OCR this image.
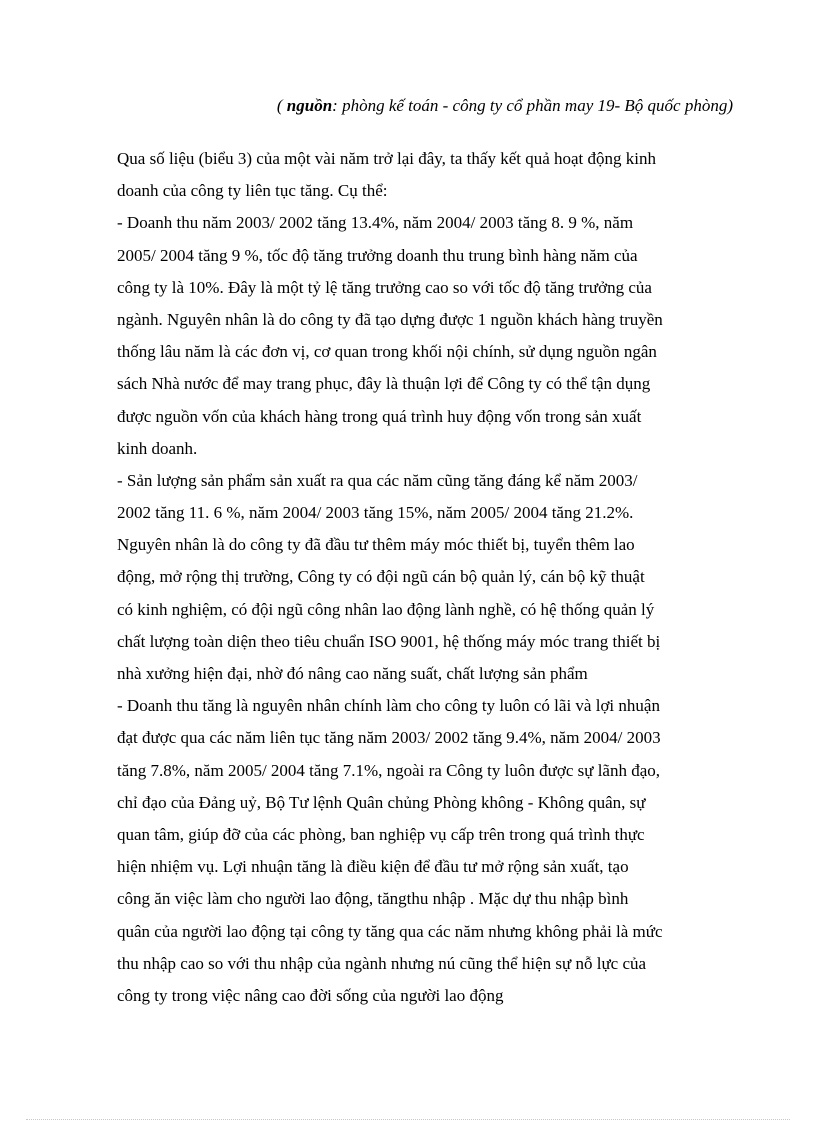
( nguồn: phòng kế toán - công ty cổ phần may 19- Bộ quốc phòng)
Qua số liệu (biểu 3) của một vài năm trở lại đây, ta thấy kết quả hoạt động kinh
doanh của công ty liên tục tăng. Cụ thể:
- Doanh thu năm 2003/ 2002 tăng 13.4%, năm 2004/ 2003 tăng 8. 9 %, năm
2005/ 2004 tăng 9 %, tốc độ tăng trưởng doanh thu trung bình hàng năm của
công ty là 10%. Đây là một tỷ lệ tăng trưởng cao so với tốc độ tăng trưởng của
ngành. Nguyên nhân là do công ty đã tạo dựng được 1 nguồn khách hàng truyền
thống lâu năm là các đơn vị, cơ quan trong khối nội chính, sử dụng nguồn ngân
sách Nhà nước để may trang phục, đây là thuận lợi để Công ty có thể tận dụng
được nguồn vốn của khách hàng trong quá trình huy động vốn trong sản xuất
kinh doanh.
- Sản lượng sản phẩm sản xuất ra qua các năm cũng tăng đáng kể năm 2003/
2002 tăng 11. 6 %, năm 2004/ 2003 tăng 15%, năm 2005/ 2004 tăng 21.2%.
Nguyên nhân là do công ty đã đầu tư thêm máy móc thiết bị, tuyển thêm lao
động, mở rộng thị trường, Công ty có đội ngũ cán bộ quản lý, cán bộ kỹ thuật
có kinh nghiệm, có đội ngũ công nhân lao động lành nghề, có hệ thống quản lý
chất lượng toàn diện theo tiêu chuẩn ISO 9001, hệ thống máy móc trang thiết bị
nhà xưởng hiện đại, nhờ đó nâng cao năng suất, chất lượng sản phẩm
- Doanh thu tăng là nguyên nhân chính làm cho công ty luôn có lãi và lợi nhuận
đạt được qua các năm liên tục tăng năm 2003/ 2002 tăng 9.4%, năm 2004/ 2003
tăng 7.8%, năm 2005/ 2004 tăng 7.1%, ngoài ra Công ty luôn được sự lãnh đạo,
chỉ đạo của Đảng uỷ, Bộ Tư lệnh Quân chủng Phòng không - Không quân, sự
quan tâm, giúp đỡ của các phòng, ban nghiệp vụ cấp trên trong quá trình thực
hiện nhiệm vụ. Lợi nhuận tăng là điều kiện để đầu tư mở rộng sản xuất, tạo
công ăn việc làm cho người lao động, tăngthu nhập . Mặc dự thu nhập bình
quân của người lao động tại công ty tăng qua các năm nhưng không phải là mức
thu nhập cao so với thu nhập của ngành nhưng nú cũng thể hiện sự nỗ lực của
công ty trong việc nâng cao đời sống của người lao động
